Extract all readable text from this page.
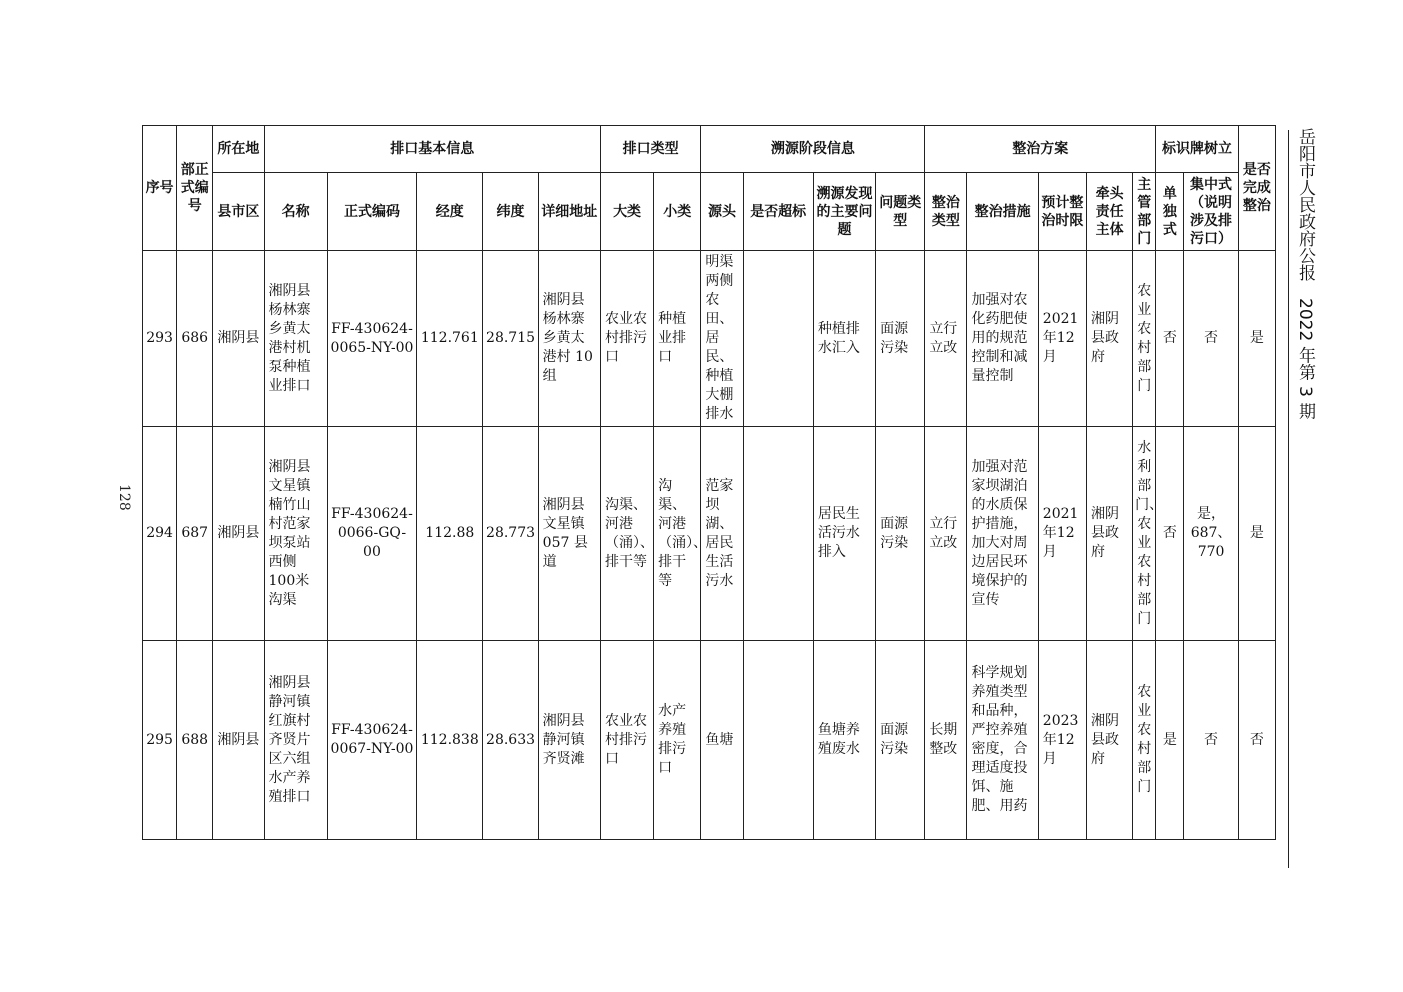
序号	部正式编号	所在地	排口基本信息					排口类型		溯源阶段信息				整治方案					标识牌树立		是否完成整治
		县市区	名称	正式编码	经度	纬度	详细地址	大类	小类	源头	是否超标	溯源发现的主要问题	问题类型	整治类型	整治措施	预计整治时限	牵头责任主体	主管部门	单独式	集中式（说明涉及排污口）	
293	686	湘阴县	湘阴县杨林寨乡黄太港村机泵种植业排口	FF-430624-0065-NY-00	112.761	28.715	湘阴县杨林寨乡黄太港村 10 组	农业农村排污口	种植业排口	明渠两侧农田、居民、种植大棚排水		种植排水汇入	面源污染	立行立改	加强对农化药肥使用的规范控制和减量控制	2021年12月	湘阴县政府	农业农村部门	否	否	是
294	687	湘阴县	湘阴县文星镇楠竹山村范家坝泵站西侧100米沟渠	FF-430624-0066-GQ-00	112.88	28.773	湘阴县文星镇057 县道	沟渠、河港（涌）、排干等	沟渠、河港（涌）、排干等	范家坝湖、居民生活污水		居民生活污水排入	面源污染	立行立改	加强对范家坝湖泊的水质保护措施，加大对周边居民环境保护的宣传	2021年12月	湘阴县政府	水利部门、农业农村部门	否	是，687、770	是
295	688	湘阴县	湘阴县静河镇红旗村齐贤片区六组水产养殖排口	FF-430624-0067-NY-00	112.838	28.633	湘阴县静河镇齐贤滩	农业农村排污口	水产养殖排污口	鱼塘		鱼塘养殖废水	面源污染	长期整改	科学规划养殖类型和品种，严控养殖密度，合理适度投饵、施肥、用药	2023年12月	湘阴县政府	农业农村部门	是	否	否
岳阳市人民政府公报　2022 年第 3 期
128
